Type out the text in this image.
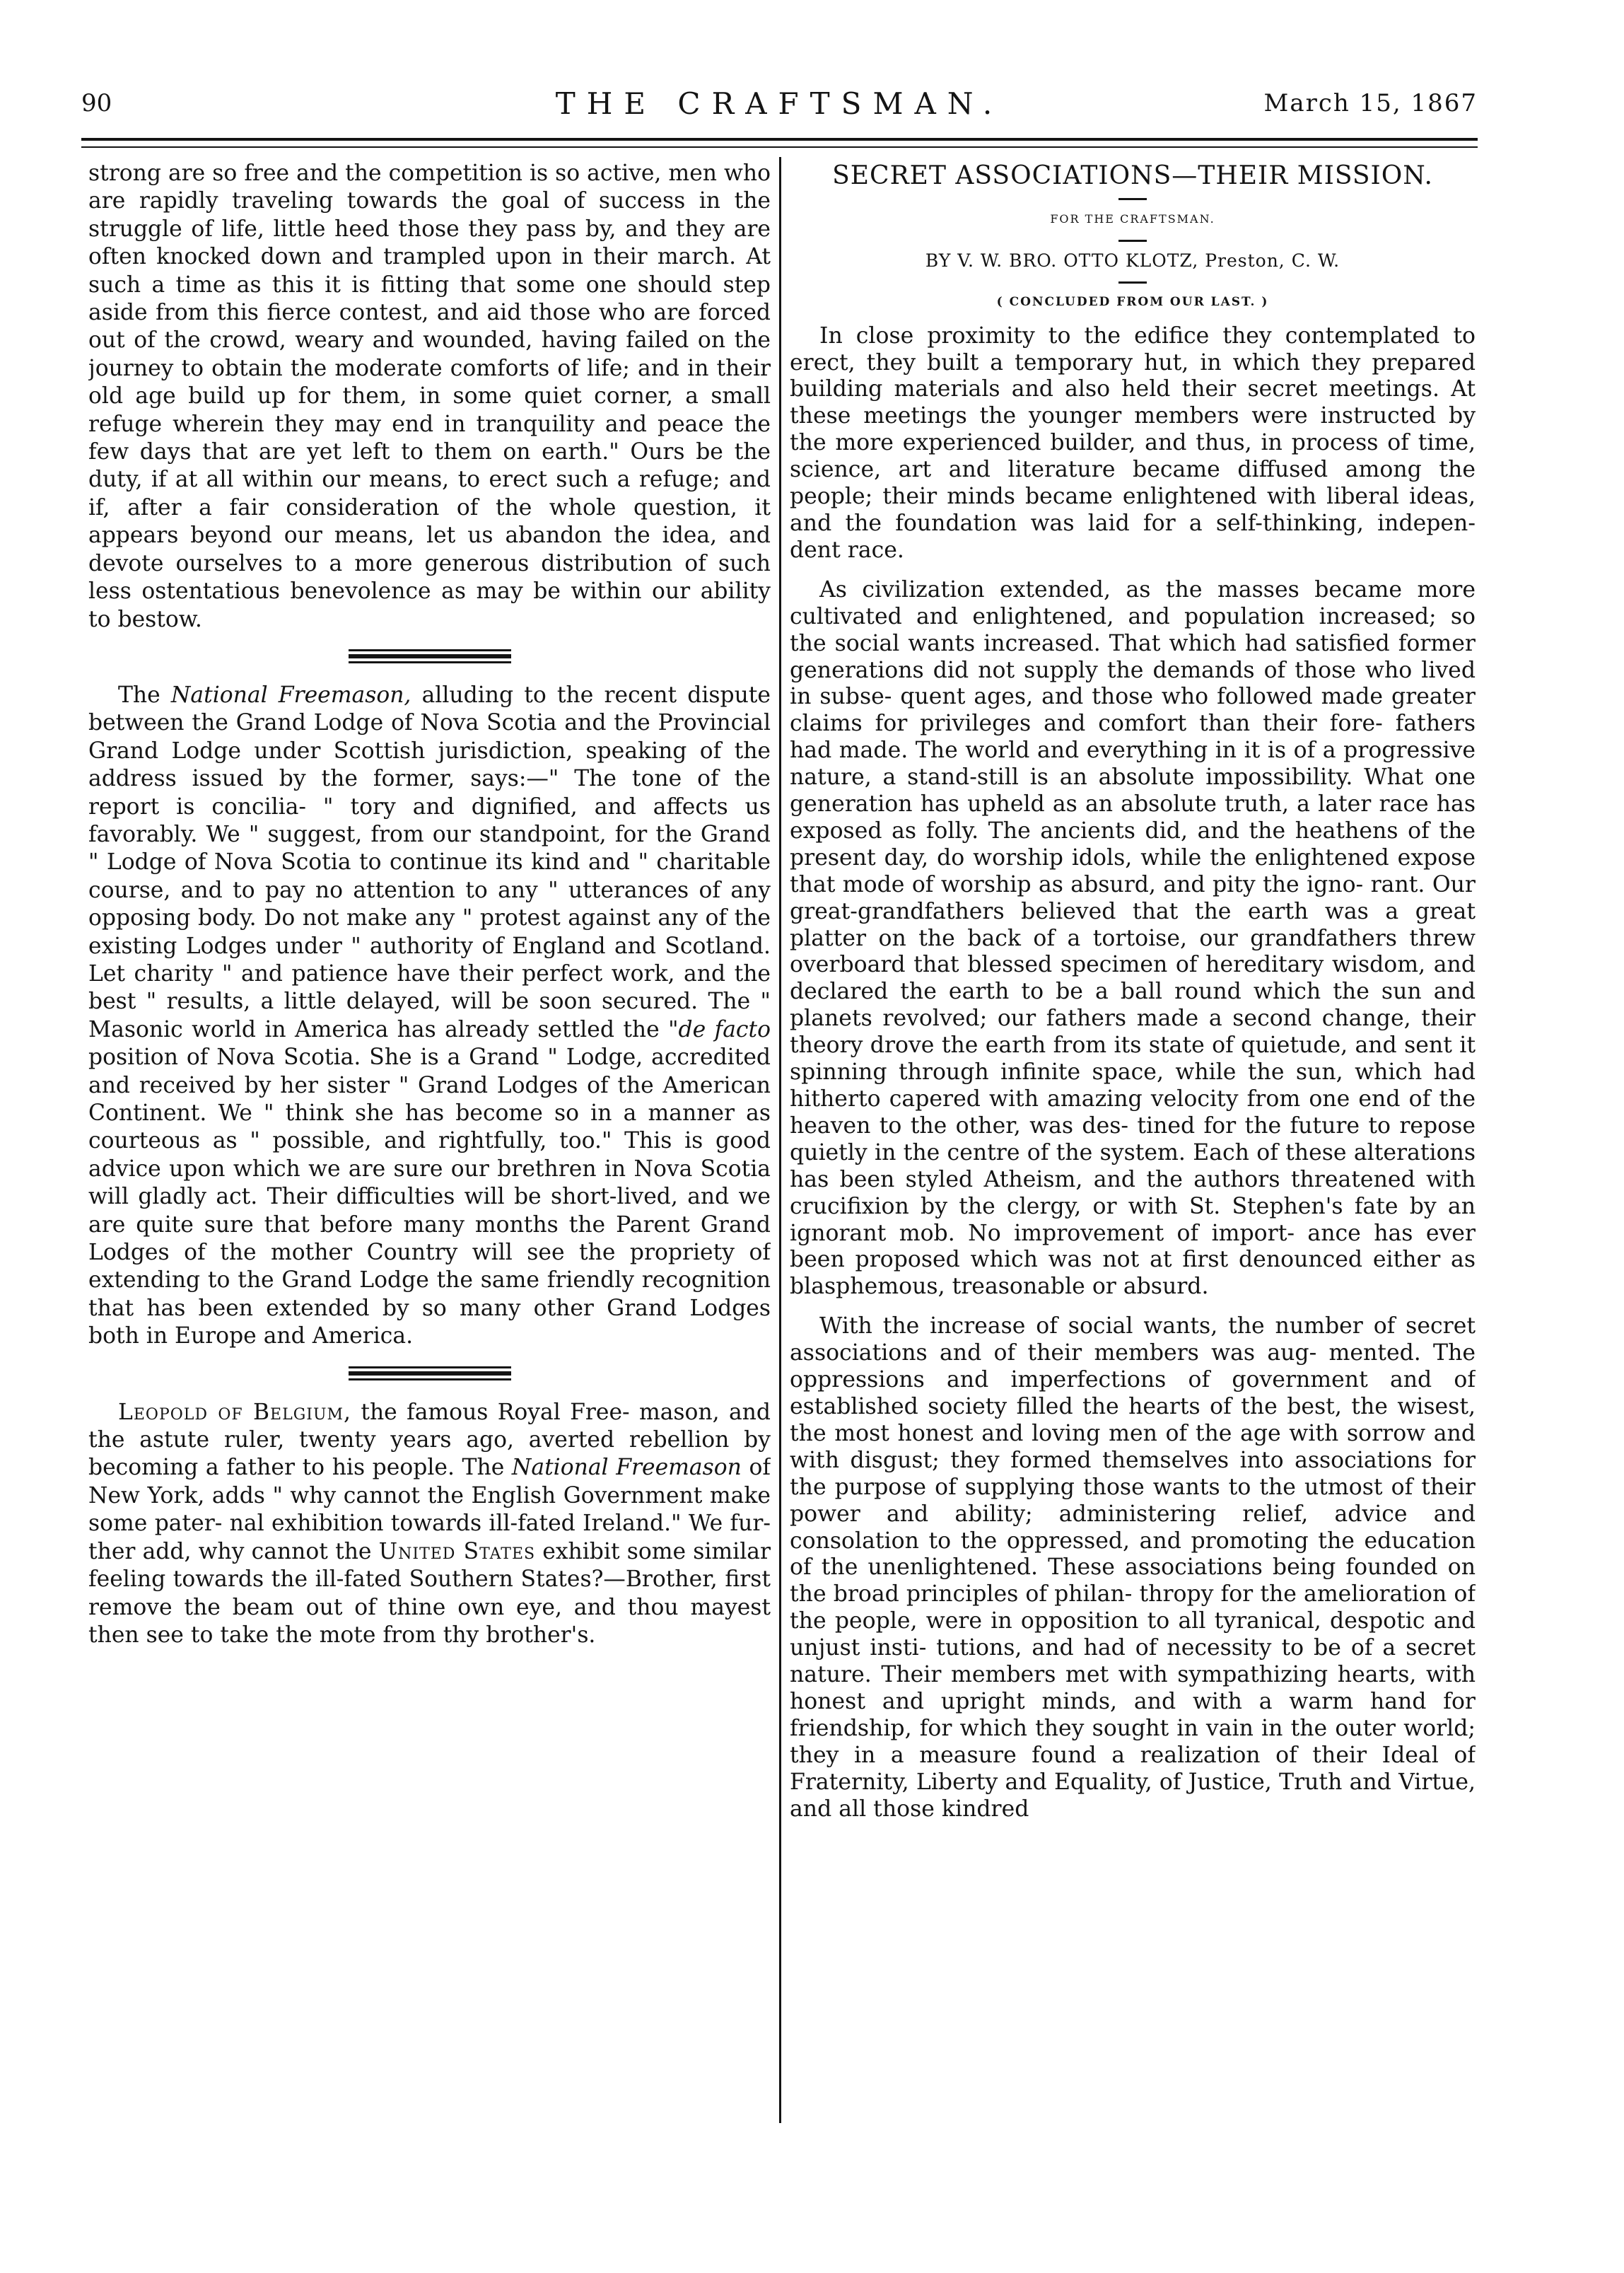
90	THE CRAFTSMAN.	March 15, 1867

strong are so free and the competition is so active, men who are rapidly traveling towards the goal of success in the struggle of life, little heed those they pass by, and they are often knocked down and trampled upon in their march. At such a time as this it is fitting that some one should step aside from this fierce contest, and aid those who are forced out of the crowd, weary and wounded, having failed on the journey to obtain the moderate comforts of life; and in their old age build up for them, in some quiet corner, a small refuge wherein they may end in tranquility and peace the few days that are yet left to them on earth." Ours be the duty, if at all within our means, to erect such a refuge; and if, after a fair consideration of the whole question, it appears beyond our means, let us abandon the idea, and devote ourselves to a more generous distribution of such less ostentatious benevolence as may be within our ability to bestow.

The National Freemason, alluding to the recent dispute between the Grand Lodge of Nova Scotia and the Provincial Grand Lodge under Scottish jurisdiction, speaking of the address issued by the former, says:—" The tone of the report is concilia- " tory and dignified, and affects us favorably. We " suggest, from our standpoint, for the Grand " Lodge of Nova Scotia to continue its kind and " charitable course, and to pay no attention to any " utterances of any opposing body. Do not make any " protest against any of the existing Lodges under " authority of England and Scotland. Let charity " and patience have their perfect work, and the best " results, a little delayed, will be soon secured. The " Masonic world in America has already settled the "de facto position of Nova Scotia. She is a Grand " Lodge, accredited and received by her sister " Grand Lodges of the American Continent. We " think she has become so in a manner as courteous as " possible, and rightfully, too." This is good advice upon which we are sure our brethren in Nova Scotia will gladly act. Their difficulties will be short-lived, and we are quite sure that before many months the Parent Grand Lodges of the mother Country will see the propriety of extending to the Grand Lodge the same friendly recognition that has been extended by so many other Grand Lodges both in Europe and America.

Leopold of Belgium, the famous Royal Free- mason, and the astute ruler, twenty years ago, averted rebellion by becoming a father to his people. The National Freemason of New York, adds " why cannot the English Government make some pater- nal exhibition towards ill-fated Ireland." We fur- ther add, why cannot the United States exhibit some similar feeling towards the ill-fated Southern States?—Brother, first remove the beam out of thine own eye, and thou mayest then see to take the mote from thy brother's.

SECRET ASSOCIATIONS—THEIR MISSION.
FOR THE CRAFTSMAN.
BY V. W. BRO. OTTO KLOTZ, Preston, C. W.
( CONCLUDED FROM OUR LAST. )

In close proximity to the edifice they contemplated to erect, they built a temporary hut, in which they prepared building materials and also held their secret meetings. At these meetings the younger members were instructed by the more experienced builder, and thus, in process of time, science, art and literature became diffused among the people; their minds became enlightened with liberal ideas, and the foundation was laid for a self-thinking, indepen- dent race.

As civilization extended, as the masses became more cultivated and enlightened, and population increased; so the social wants increased. That which had satisfied former generations did not supply the demands of those who lived in subse- quent ages, and those who followed made greater claims for privileges and comfort than their fore- fathers had made. The world and everything in it is of a progressive nature, a stand-still is an absolute impossibility. What one generation has upheld as an absolute truth, a later race has exposed as folly. The ancients did, and the heathens of the present day, do worship idols, while the enlightened expose that mode of worship as absurd, and pity the igno- rant. Our great-grandfathers believed that the earth was a great platter on the back of a tortoise, our grandfathers threw overboard that blessed specimen of hereditary wisdom, and declared the earth to be a ball round which the sun and planets revolved; our fathers made a second change, their theory drove the earth from its state of quietude, and sent it spinning through infinite space, while the sun, which had hitherto capered with amazing velocity from one end of the heaven to the other, was des- tined for the future to repose quietly in the centre of the system. Each of these alterations has been styled Atheism, and the authors threatened with crucifixion by the clergy, or with St. Stephen's fate by an ignorant mob. No improvement of import- ance has ever been proposed which was not at first denounced either as blasphemous, treasonable or absurd.

With the increase of social wants, the number of secret associations and of their members was aug- mented. The oppressions and imperfections of government and of established society filled the hearts of the best, the wisest, the most honest and loving men of the age with sorrow and with disgust; they formed themselves into associations for the purpose of supplying those wants to the utmost of their power and ability; administering relief, advice and consolation to the oppressed, and promoting the education of the unenlightened. These associations being founded on the broad principles of philan- thropy for the amelioration of the people, were in opposition to all tyranical, despotic and unjust insti- tutions, and had of necessity to be of a secret nature. Their members met with sympathizing hearts, with honest and upright minds, and with a warm hand for friendship, for which they sought in vain in the outer world; they in a measure found a realization of their Ideal of Fraternity, Liberty and Equality, of Justice, Truth and Virtue, and all those kindred
